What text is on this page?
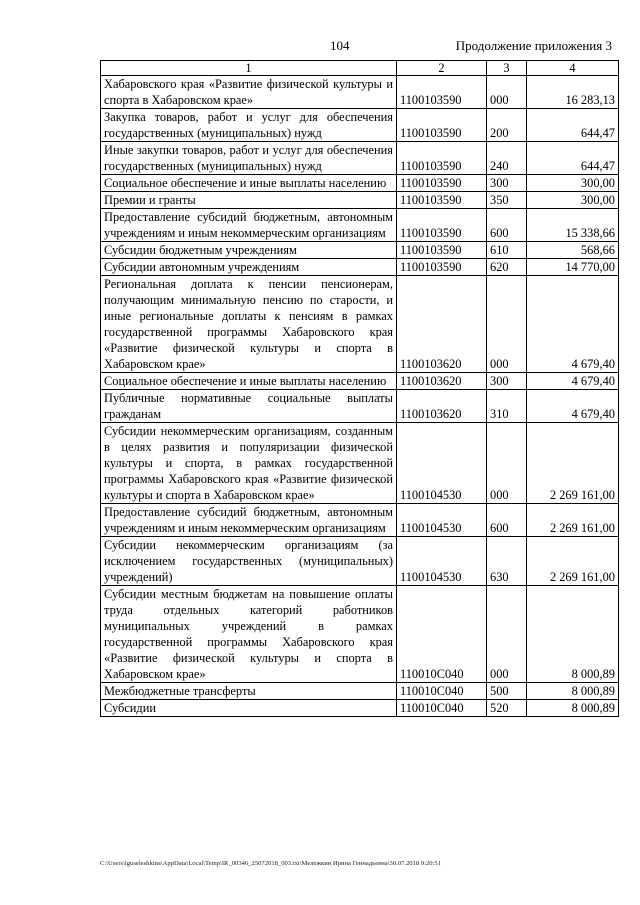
104	Продолжение приложения 3
1	2	3	4
Хабаровского края «Развитие физической культуры и спорта в Хабаровском крае»	1100103590	000	16 283,13
Закупка товаров, работ и услуг для обеспечения государственных (муниципальных) нужд	1100103590	200	644,47
Иные закупки товаров, работ и услуг для обеспечения государственных (муниципальных) нужд	1100103590	240	644,47
Социальное обеспечение и иные выплаты населению	1100103590	300	300,00
Премии и гранты	1100103590	350	300,00
Предоставление субсидий бюджетным, автономным учреждениям и иным некоммерческим организациям	1100103590	600	15 338,66
Субсидии бюджетным учреждениям	1100103590	610	568,66
Субсидии автономным учреждениям	1100103590	620	14 770,00
Региональная доплата к пенсии пенсионерам, получающим минимальную пенсию по старости, и иные региональные доплаты к пенсиям в рамках государственной программы Хабаровского края «Развитие физической культуры и спорта в Хабаровском крае»	1100103620	000	4 679,40
Социальное обеспечение и иные выплаты населению	1100103620	300	4 679,40
Публичные нормативные социальные выплаты гражданам	1100103620	310	4 679,40
Субсидии некоммерческим организациям, созданным в целях развития и популяризации физической культуры и спорта, в рамках государственной программы Хабаровского края «Развитие физической культуры и спорта в Хабаровском крае»	1100104530	000	2 269 161,00
Предоставление субсидий бюджетным, автономным учреждениям и иным некоммерческим организациям	1100104530	600	2 269 161,00
Субсидии некоммерческим организациям (за исключением государственных (муниципальных) учреждений)	1100104530	630	2 269 161,00
Субсидии местным бюджетам на повышение оплаты труда отдельных категорий работников муниципальных учреждений в рамках государственной программы Хабаровского края «Развитие физической культуры и спорта в Хабаровском крае»	110010С040	000	8 000,89
Межбюджетные трансферты	110010С040	500	8 000,89
Субсидии	110010С040	520	8 000,89
C:\Users\iguseleshkina\AppData\Local\Temp\IR_00346_25072018_003.txt\Мележкин Ирина Геннадьевна\30.07.2018 9:20:51
